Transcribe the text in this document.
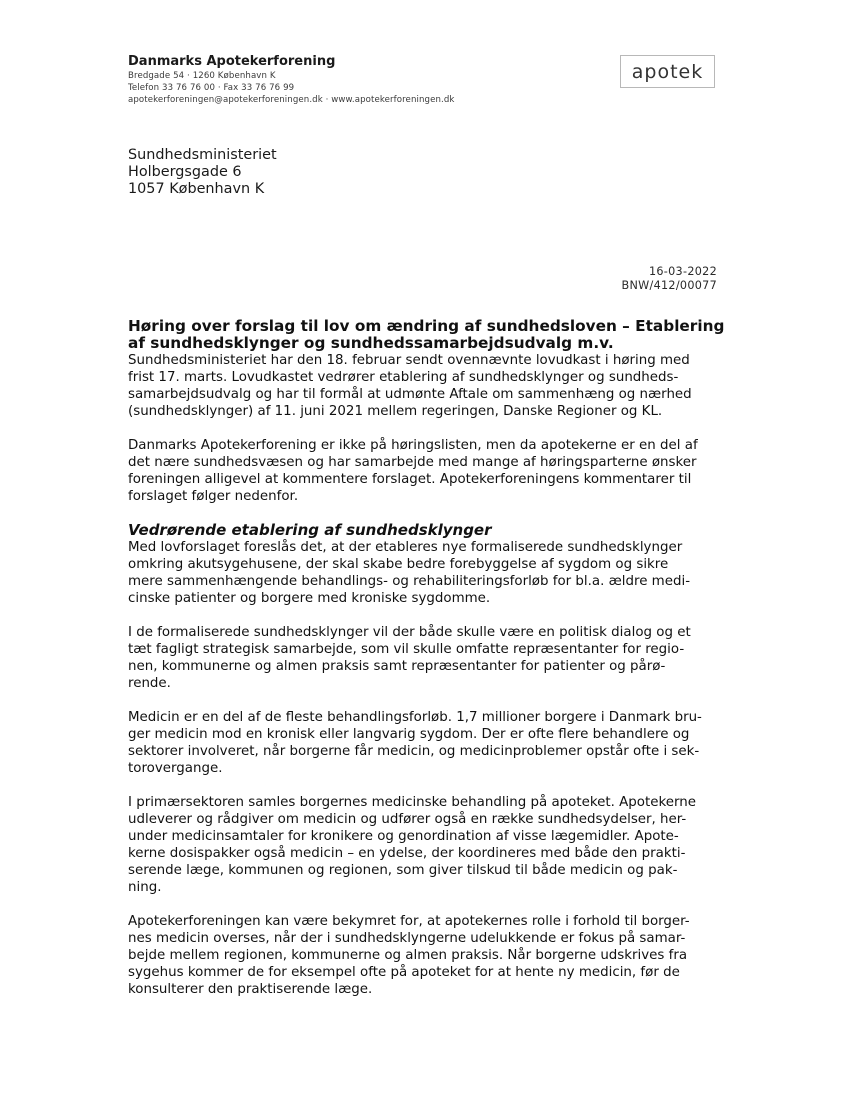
Danmarks Apotekerforening
Bredgade 54 · 1260 København K
Telefon 33 76 76 00 · Fax 33 76 76 99
apotekerforeningen@apotekerforeningen.dk · www.apotekerforeningen.dk
apotek
Sundhedsministeriet
Holbergsgade 6
1057 København K
16-03-2022
BNW/412/00077
Høring over forslag til lov om ændring af sundhedsloven – Etablering
af sundhedsklynger og sundhedssamarbejdsudvalg m.v.
Sundhedsministeriet har den 18. februar sendt ovennævnte lovudkast i høring med
frist 17. marts. Lovudkastet vedrører etablering af sundhedsklynger og sundheds-
samarbejdsudvalg og har til formål at udmønte Aftale om sammenhæng og nærhed
(sundhedsklynger) af 11. juni 2021 mellem regeringen, Danske Regioner og KL.
Danmarks Apotekerforening er ikke på høringslisten, men da apotekerne er en del af
det nære sundhedsvæsen og har samarbejde med mange af høringsparterne ønsker
foreningen alligevel at kommentere forslaget. Apotekerforeningens kommentarer til
forslaget følger nedenfor.
Vedrørende etablering af sundhedsklynger
Med lovforslaget foreslås det, at der etableres nye formaliserede sundhedsklynger
omkring akutsygehusene, der skal skabe bedre forebyggelse af sygdom og sikre
mere sammenhængende behandlings- og rehabiliteringsforløb for bl.a. ældre medi-
cinske patienter og borgere med kroniske sygdomme.
I de formaliserede sundhedsklynger vil der både skulle være en politisk dialog og et
tæt fagligt strategisk samarbejde, som vil skulle omfatte repræsentanter for regio-
nen, kommunerne og almen praksis samt repræsentanter for patienter og pårø-
rende.
Medicin er en del af de fleste behandlingsforløb. 1,7 millioner borgere i Danmark bru-
ger medicin mod en kronisk eller langvarig sygdom. Der er ofte flere behandlere og
sektorer involveret, når borgerne får medicin, og medicinproblemer opstår ofte i sek-
torovergange.
I primærsektoren samles borgernes medicinske behandling på apoteket. Apotekerne
udleverer og rådgiver om medicin og udfører også en række sundhedsydelser, her-
under medicinsamtaler for kronikere og genordination af visse lægemidler. Apote-
kerne dosispakker også medicin – en ydelse, der koordineres med både den prakti-
serende læge, kommunen og regionen, som giver tilskud til både medicin og pak-
ning.
Apotekerforeningen kan være bekymret for, at apotekernes rolle i forhold til borger-
nes medicin overses, når der i sundhedsklyngerne udelukkende er fokus på samar-
bejde mellem regionen, kommunerne og almen praksis. Når borgerne udskrives fra
sygehus kommer de for eksempel ofte på apoteket for at hente ny medicin, før de
konsulterer den praktiserende læge.
